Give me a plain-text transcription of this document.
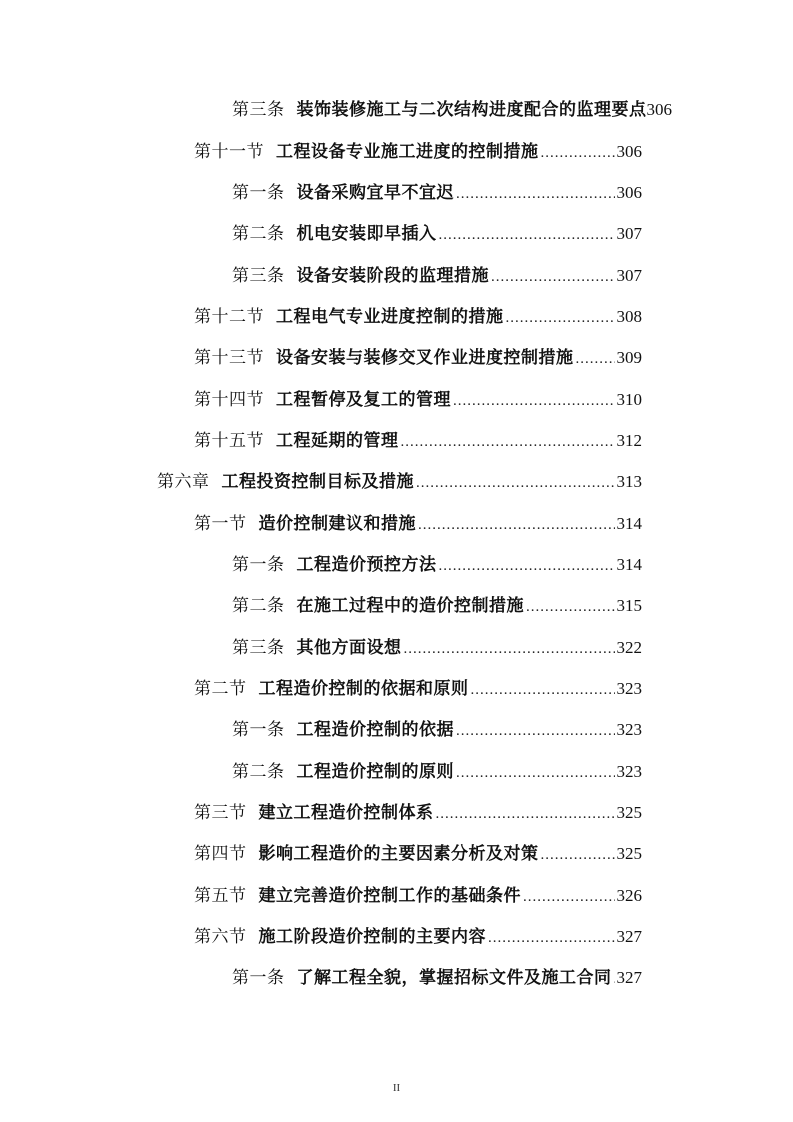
第三条 装饰装修施工与二次结构进度配合的监理要点 306
第十一节 工程设备专业施工进度的控制措施 .....	306
第一条 设备采购宜早不宜迟 .....	306
第二条 机电安装即早插入 .....	307
第三条 设备安装阶段的监理措施 .....	307
第十二节 工程电气专业进度控制的措施 .....	308
第十三节 设备安装与装修交叉作业进度控制措施 .....	309
第十四节 工程暂停及复工的管理 .....	310
第十五节 工程延期的管理 .....	312
第六章 工程投资控制目标及措施 .....	313
第一节 造价控制建议和措施 .....	314
第一条 工程造价预控方法 .....	314
第二条 在施工过程中的造价控制措施 .....	315
第三条 其他方面设想 .....	322
第二节 工程造价控制的依据和原则 .....	323
第一条 工程造价控制的依据 .....	323
第二条 工程造价控制的原则 .....	323
第三节 建立工程造价控制体系 .....	325
第四节 影响工程造价的主要因素分析及对策 .....	325
第五节 建立完善造价控制工作的基础条件 .....	326
第六节 施工阶段造价控制的主要内容 .....	327
第一条 了解工程全貌，掌握招标文件及施工合同 ..... 327
II
